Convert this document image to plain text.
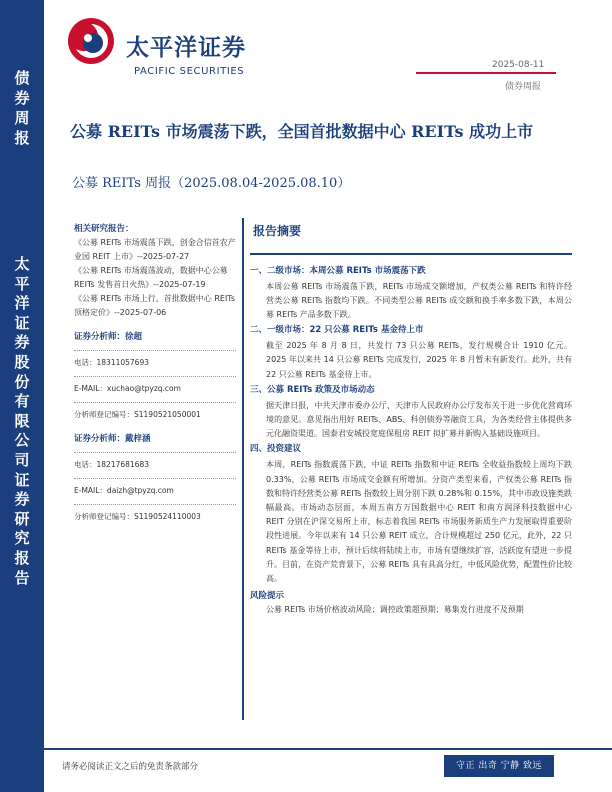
债券周报
太平洋证券股份有限公司证券研究报告
太平洋证券
PACIFIC SECURITIES
2025-08-11
债券周报
公募 REITs 市场震荡下跌，全国首批数据中心 REITs 成功上市
公募 REITs 周报（2025.08.04-2025.08.10）
相关研究报告：
《公募 REITs 市场震荡下跌，创金合信首农产业园 REIT 上市》--2025-07-27
《公募 REITs 市场震荡波动，数据中心公募 REITs 发售首日火热》--2025-07-19
《公募 REITs 市场上行，首批数据中心 REITs 顶格定价》--2025-07-06
证券分析师：徐超
电话：18311057693
E-MAIL：xuchao@tpyzq.com
分析师登记编号：S1190521050001
证券分析师：戴梓涵
电话：18217681683
E-MAIL：daizh@tpyzq.com
分析师登记编号：S1190524110003
报告摘要
一、二级市场：本周公募 REITs 市场震荡下跌
本周公募 REITs 市场震荡下跌，REITs 市场成交额增加，产权类公募 REITs 和特许经营类公募 REITs 指数均下跌。不同类型公募 REITs 成交额和换手率多数下跌，本周公募 REITs 产品多数下跌。
二、一级市场：22 只公募 REITs 基金待上市
截至 2025 年 8 月 8 日，共发行 73 只公募 REITs，发行规模合计 1910 亿元。2025 年以来共 14 只公募 REITs 完成发行，2025 年 8 月暂未有新发行。此外，共有 22 只公募 REITs 基金待上市。
三、公募 REITs 政策及市场动态
据天津日报，中共天津市委办公厅、天津市人民政府办公厅发布关于进一步优化营商环境的意见。意见指出用好 REITs、ABS、科创债券等融资工具，为各类经营主体提供多元化融资渠道。国泰君安城投宽庭保租房 REIT 拟扩募并新购入基础设施项目。
四、投资建议
本周，REITs 指数震荡下跌，中证 REITs 指数和中证 REITs 全收益指数较上周均下跌 0.33%，公募 REITs 市场成交金额有所增加。分资产类型来看，产权类公募 REITs 指数和特许经营类公募 REITs 指数较上周分别下跌 0.28%和 0.15%，其中市政设施类跌幅最高。市场动态层面，本周五南方万国数据中心 REIT 和南方润泽科技数据中心 REIT 分别在沪深交易所上市，标志着我国 REITs 市场服务新质生产力发展取得重要阶段性进展。今年以来有 14 只公募 REIT 成立，合计规模超过 250 亿元，此外，22 只 REITs 基金等待上市，预计后续将陆续上市，市场有望继续扩容，活跃度有望进一步提升。目前，在资产荒背景下，公募 REITs 具有具高分红，中低风险优势，配置性价比较高。
风险提示
公募 REITs 市场价格波动风险；调控政策超预期；募集发行进度不及预期
请务必阅读正文之后的免责条款部分	守正 出奇 宁静 致远
